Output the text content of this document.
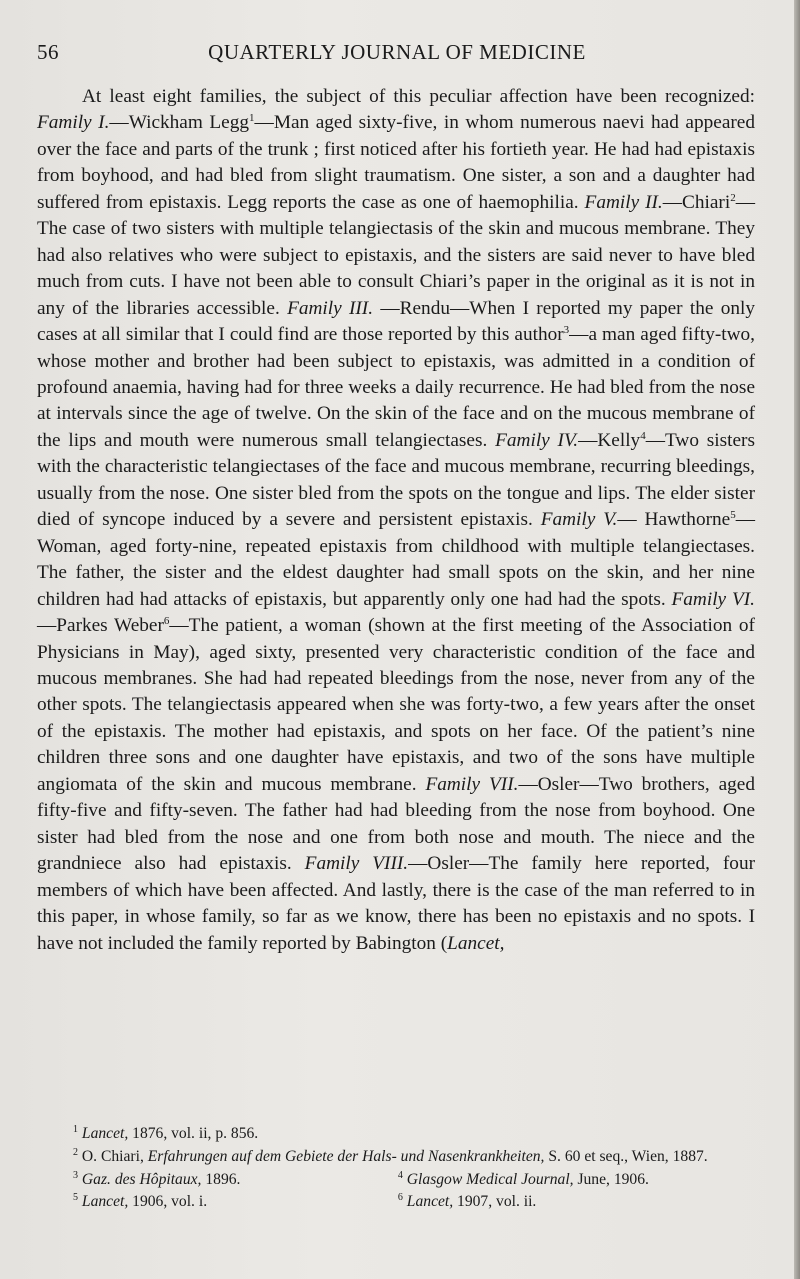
QUARTERLY JOURNAL OF MEDICINE
56

At least eight families, the subject of this peculiar affection have been recognized: Family I.—Wickham Legg$^1$—Man aged sixty-five, in whom numerous naevi had appeared over the face and parts of the trunk ; first noticed after his fortieth year. He had had epistaxis from boyhood, and had bled from slight traumatism. One sister, a son and a daughter had suffered from epistaxis. Legg reports the case as one of haemophilia. Family II.—Chiari$^2$—The case of two sisters with multiple telangiectasis of the skin and mucous membrane. They had also relatives who were subject to epistaxis, and the sisters are said never to have bled much from cuts. I have not been able to consult Chiari’s paper in the original as it is not in any of the libraries accessible. Family III. —Rendu—When I reported my paper the only cases at all similar that I could find are those reported by this author$^3$—a man aged fifty-two, whose mother and brother had been subject to epistaxis, was admitted in a condition of profound anaemia, having had for three weeks a daily recurrence. He had bled from the nose at intervals since the age of twelve. On the skin of the face and on the mucous membrane of the lips and mouth were numerous small telangiectases. Family IV.—Kelly$^4$—Two sisters with the characteristic telangiectases of the face and mucous membrane, recurring bleedings, usually from the nose. One sister bled from the spots on the tongue and lips. The elder sister died of syncope induced by a severe and persistent epistaxis. Family V.— Hawthorne$^5$—Woman, aged forty-nine, repeated epistaxis from childhood with multiple telangiectases. The father, the sister and the eldest daughter had small spots on the skin, and her nine children had had attacks of epistaxis, but apparently only one had had the spots. Family VI.—Parkes Weber$^6$—The patient, a woman (shown at the first meeting of the Association of Physicians in May), aged sixty, presented very characteristic condition of the face and mucous membranes. She had had repeated bleedings from the nose, never from any of the other spots. The telangiectasis appeared when she was forty-two, a few years after the onset of the epistaxis. The mother had epistaxis, and spots on her face. Of the patient’s nine children three sons and one daughter have epistaxis, and two of the sons have multiple angiomata of the skin and mucous membrane. Family VII.—Osler—Two brothers, aged fifty-five and fifty-seven. The father had had bleeding from the nose from boyhood. One sister had bled from the nose and one from both nose and mouth. The niece and the grandniece also had epistaxis. Family VIII.—Osler—The family here reported, four members of which have been affected. And lastly, there is the case of the man referred to in this paper, in whose family, so far as we know, there has been no epistaxis and no spots. I have not included the family reported by Babington (Lancet,

$^1$ Lancet, 1876, vol. ii, p. 856.
$^2$ O. Chiari, Erfahrungen auf dem Gebiete der Hals- und Nasenkrankheiten, S. 60 et seq., Wien, 1887.
$^3$ Gaz. des Hôpitaux, 1896.	$^4$ Glasgow Medical Journal, June, 1906.
$^5$ Lancet, 1906, vol. i.	$^6$ Lancet, 1907, vol. ii.
